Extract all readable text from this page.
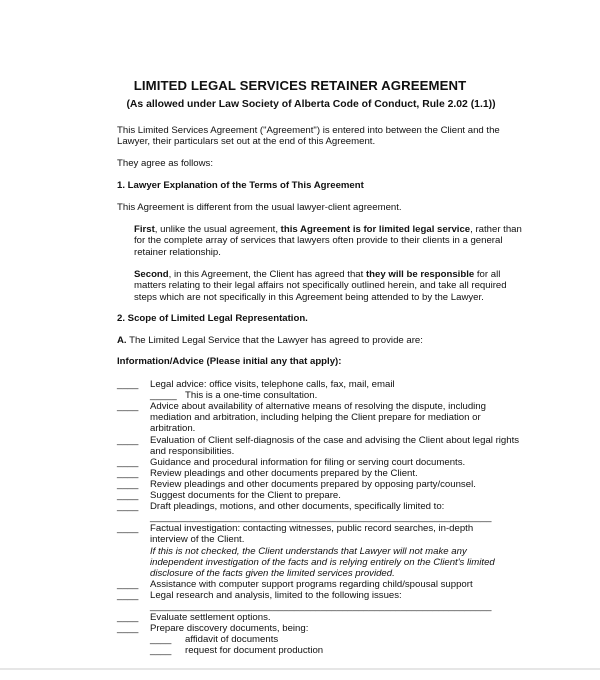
LIMITED LEGAL SERVICES RETAINER AGREEMENT
(As allowed under Law Society of Alberta Code of Conduct, Rule 2.02 (1.1))
This Limited Services Agreement ("Agreement") is entered into between the Client and the
Lawyer, their particulars set out at the end of this Agreement.
They agree as follows:
1. Lawyer Explanation of the Terms of This Agreement
This Agreement is different from the usual lawyer-client agreement.
First, unlike the usual agreement, this Agreement is for limited legal service, rather than
for the complete array of services that lawyers often provide to their clients in a general
retainer relationship.
Second, in this Agreement, the Client has agreed that they will be responsible for all
matters relating to their legal affairs not specifically outlined herein, and take all required
steps which are not specifically in this Agreement being attended to by the Lawyer.
2. Scope of Limited Legal Representation.
A. The Limited Legal Service that the Lawyer has agreed to provide are:
Information/Advice (Please initial any that apply):
____ Legal advice: office visits, telephone calls, fax, mail, email
_____ This is a one-time consultation.
____ Advice about availability of alternative means of resolving the dispute, including
mediation and arbitration, including helping the Client prepare for mediation or
arbitration.
____ Evaluation of Client self-diagnosis of the case and advising the Client about legal rights
and responsibilities.
____ Guidance and procedural information for filing or serving court documents.
____ Review pleadings and other documents prepared by the Client.
____ Review pleadings and other documents prepared by opposing party/counsel.
____ Suggest documents for the Client to prepare.
____ Draft pleadings, motions, and other documents, specifically limited to:
________________________________________________________________
____ Factual investigation: contacting witnesses, public record searches, in-depth
interview of the Client.
If this is not checked, the Client understands that Lawyer will not make any
independent investigation of the facts and is relying entirely on the Client's limited
disclosure of the facts given the limited services provided.
____ Assistance with computer support programs regarding child/spousal support
____ Legal research and analysis, limited to the following issues:
________________________________________________________________
____ Evaluate settlement options.
____ Prepare discovery documents, being:
____ affidavit of documents
____ request for document production
